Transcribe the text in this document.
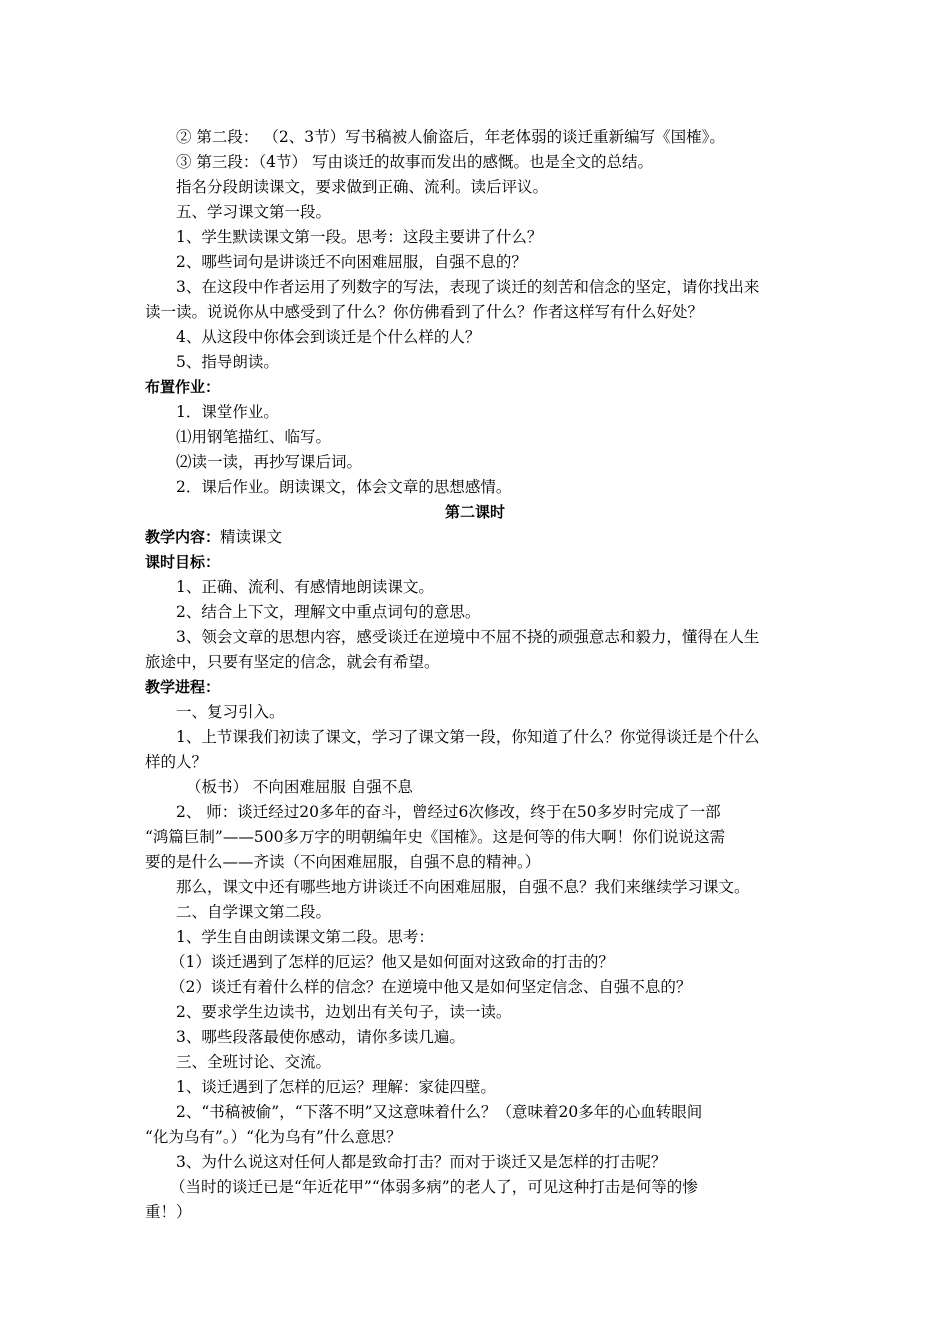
② 第二段： （2、3节）写书稿被人偷盗后，年老体弱的谈迁重新编写《国榷》。
③ 第三段：（4节） 写由谈迁的故事而发出的感慨。也是全文的总结。
指名分段朗读课文，要求做到正确、流利。读后评议。
五、学习课文第一段。
1、学生默读课文第一段。思考：这段主要讲了什么？
2、哪些词句是讲谈迁不向困难屈服，自强不息的？
3、在这段中作者运用了列数字的写法，表现了谈迁的刻苦和信念的坚定，请你找出来
读一读。说说你从中感受到了什么？你仿佛看到了什么？作者这样写有什么好处？
4、从这段中你体会到谈迁是个什么样的人？
5、指导朗读。
布置作业：
1．课堂作业。
⑴用钢笔描红、临写。
⑵读一读，再抄写课后词。
2．课后作业。朗读课文，体会文章的思想感情。
第二课时
教学内容：精读课文
课时目标：
1、正确、流利、有感情地朗读课文。
2、结合上下文，理解文中重点词句的意思。
3、领会文章的思想内容，感受谈迁在逆境中不屈不挠的顽强意志和毅力，懂得在人生
旅途中，只要有坚定的信念，就会有希望。
教学进程：
一、复习引入。
1、上节课我们初读了课文，学习了课文第一段，你知道了什么？你觉得谈迁是个什么
样的人？
（板书） 不向困难屈服 自强不息
2、 师：谈迁经过20多年的奋斗，曾经过6次修改，终于在50多岁时完成了一部
“鸿篇巨制”——500多万字的明朝编年史《国榷》。这是何等的伟大啊！你们说说这需
要的是什么——齐读（不向困难屈服，自强不息的精神。）
那么，课文中还有哪些地方讲谈迁不向困难屈服，自强不息？我们来继续学习课文。
二、自学课文第二段。
1、学生自由朗读课文第二段。思考：
（1）谈迁遇到了怎样的厄运？他又是如何面对这致命的打击的？
（2）谈迁有着什么样的信念？在逆境中他又是如何坚定信念、自强不息的？
2、要求学生边读书，边划出有关句子，读一读。
3、哪些段落最使你感动，请你多读几遍。
三、全班讨论、交流。
1、谈迁遇到了怎样的厄运？理解：家徒四壁。
2、“书稿被偷”，“下落不明”又这意味着什么？（意味着20多年的心血转眼间
“化为乌有”。）“化为乌有”什么意思？
3、为什么说这对任何人都是致命打击？而对于谈迁又是怎样的打击呢？
（当时的谈迁已是“年近花甲”“体弱多病”的老人了，可见这种打击是何等的惨
重！）
